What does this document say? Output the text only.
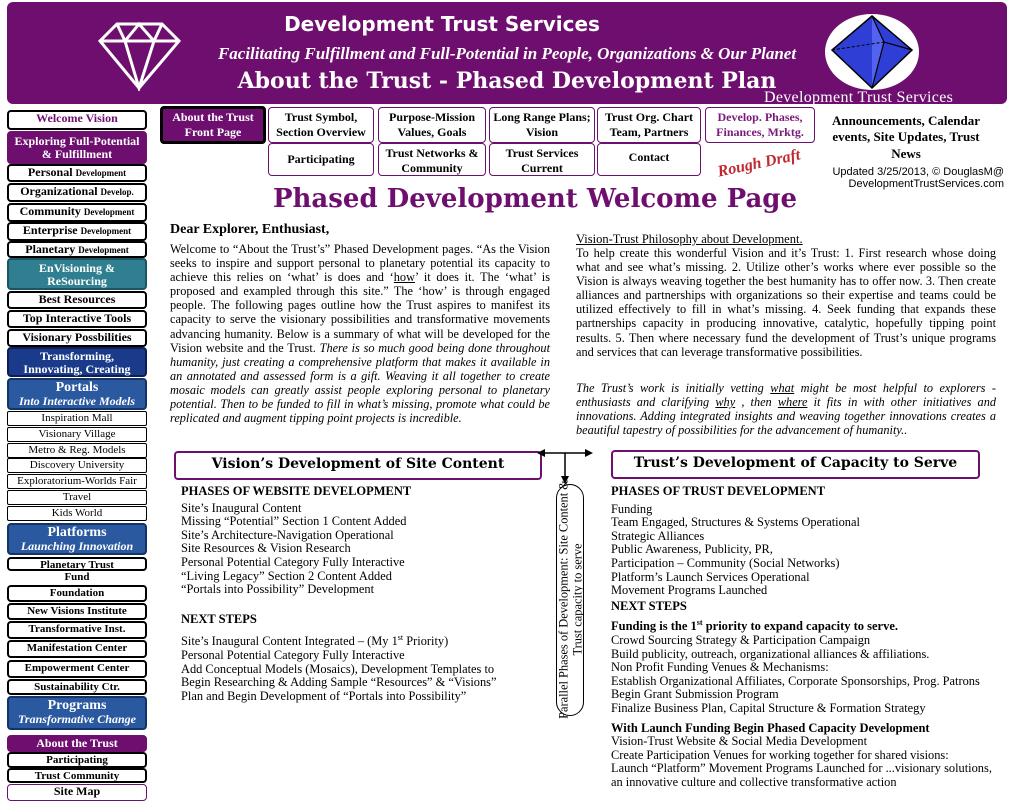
Development Trust Services
Facilitating Fulfillment and Full-Potential in People, Organizations & Our Planet
About the Trust - Phased Development Plan
Development Trust Services
Welcome Vision
Exploring Full-Potential & Fulfillment
Personal Development
Organizational Develop.
Community Development
Enterprise Development
Planetary Development
EnVisioning & ReSourcing
Best Resources
Top Interactive Tools
Visionary Possbilities
Transforming, Innovating, Creating
Portals
Into Interactive Models
Inspiration Mall
Visionary Village
Metro & Reg. Models
Discovery University
Exploratorium-Worlds Fair
Travel
Kids World
Platforms
Launching Innovation
Planetary Trust
Fund
Foundation
New Visions Institute
Transformative Inst.
Manifestation Center
Empowerment Center
Sustainability Ctr.
Programs
Transformative Change
About the Trust
Participating
Trust Community
Site Map
About the Trust Front Page
Trust Symbol, Section Overview
Purpose-Mission Values, Goals
Long Range Plans; Vision
Trust Org. Chart Team, Partners
Develop. Phases, Finances, Mrktg.
Announcements, Calendar events, Site Updates, Trust News
Participating	Trust Networks & Community
Trust Services Current
Contact	Rough Draft	Updated 3/25/2013, © DouglasM@ DevelopmentTrustServices.com
Phased Development Welcome Page
Dear Explorer, Enthusiast,
Welcome to “About the Trust’s” Phased Development pages. “As the Vision seeks to inspire and support personal to planetary potential its capacity to achieve this relies on ‘what’ is does and ‘how’ it does it. The ‘what’ is proposed and exampled through this site.” The ‘how’ is through engaged people. The following pages outline how the Trust aspires to manifest its capacity to serve the visionary possibilities and transformative movements advancing humanity. Below is a summary of what will be developed for the Vision website and the Trust. There is so much good being done throughout humanity, just creating a comprehensive platform that makes it available in an annotated and assessed form is a gift. Weaving it all together to create mosaic models can greatly assist people exploring personal to planetary potential. Then to be funded to fill in what’s missing, promote what could be replicated and augment tipping point projects is incredible.
Vision-Trust Philosophy about Development.
To help create this wonderful Vision and it’s Trust: 1. First research whose doing what and see what’s missing. 2. Utilize other’s works where ever possible so the Vision is always weaving together the best humanity has to offer now. 3. Then create alliances and partnerships with organizations so their expertise and teams could be utilized effectively to fill in what’s missing. 4. Seek funding that expands these partnerships capacity in producing innovative, catalytic, hopefully tipping point results. 5. Then where necessary fund the development of Trust’s unique programs and services that can leverage transformative possibilities.
The Trust’s work is initially vetting what might be most helpful to explorers - enthusiasts and clarifying why , then where it fits in with other initiatives and innovations. Adding integrated insights and weaving together innovations creates a beautiful tapestry of possibilities for the advancement of humanity..
Vision’s Development of Site Content	Trust’s Development of Capacity to Serve
PHASES OF WEBSITE DEVELOPMENT
Site’s Inaugural Content
Missing “Potential” Section 1 Content Added
Site’s Architecture-Navigation Operational
Site Resources & Vision Research
Personal Potential Category Fully Interactive
“Living Legacy” Section 2 Content Added
“Portals into Possibility” Development
NEXT STEPS
Site’s Inaugural Content Integrated – (My 1st Priority)
Personal Potential Category Fully Interactive
Add Conceptual Models (Mosaics), Development Templates to
Begin Researching & Adding Sample “Resources” & “Visions”
Plan and Begin Development of “Portals into Possibility”	Parallel Phases of Development: Site Content & Trust capacity to serve
PHASES OF TRUST DEVELOPMENT
Funding
Team Engaged, Structures & Systems Operational
Strategic Alliances
Public Awareness, Publicity, PR,
Participation – Community (Social Networks)
Platform’s Launch Services Operational
Movement Programs Launched
NEXT STEPS
Funding is the 1st priority to expand capacity to serve.
Crowd Sourcing Strategy & Participation Campaign
Build publicity, outreach, organizational alliances & affiliations.
Non Profit Funding Venues & Mechanisms:
Establish Organizational Affiliates, Corporate Sponsorships, Prog. Patrons
Begin Grant Submission Program
Finalize Business Plan, Capital Structure & Formation Strategy
With Launch Funding Begin Phased Capacity Development
Vision-Trust Website & Social Media Development
Create Participation Venues for working together for shared visions:
Launch “Platform” Movement Programs Launched for ...visionary solutions,
an innovative culture and collective transformative action
